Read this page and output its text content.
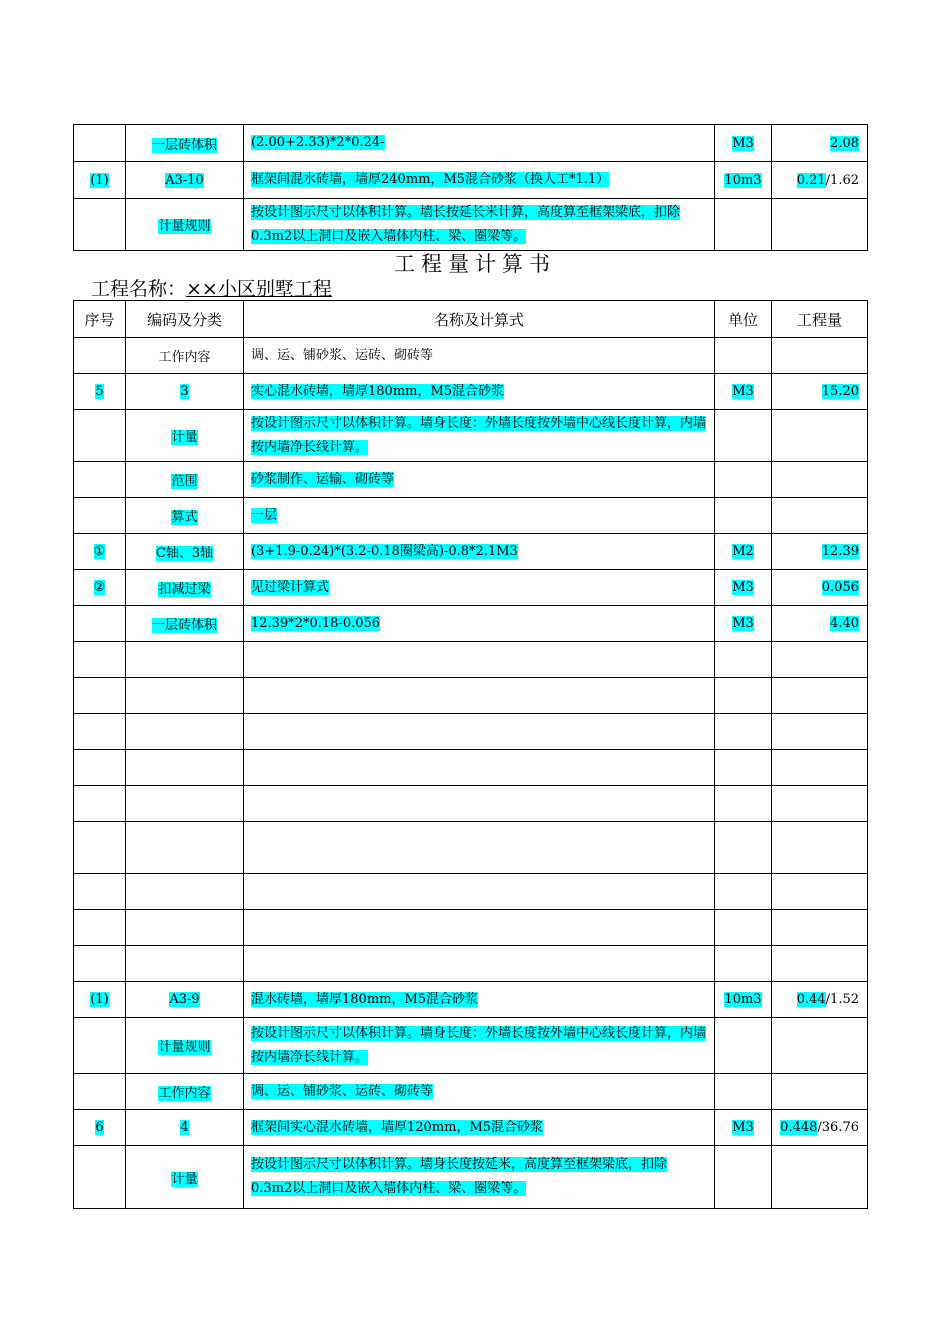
	一层砖体积	(2.00+2.33)*2*0.24-	M3	2.08
(1)	A3-10	框架间混水砖墙，墙厚240mm，M5混合砂浆（换人工*1.1）	10m3	0.21/1.62
	计量规则	按设计图示尺寸以体积计算。墙长按延长米计算，高度算至框架梁底，扣除0.3m2以上洞口及嵌入墙体内柱、梁、圈梁等。		
工程量计算书
工程名称：××小区别墅工程
序号	编码及分类	名称及计算式	单位	工程量
	工作内容	调、运、铺砂浆、运砖、砌砖等		
5	3	实心混水砖墙，墙厚180mm，M5混合砂浆	M3	15.20
	计量	按设计图示尺寸以体积计算。墙身长度：外墙长度按外墙中心线长度计算，内墙按内墙净长线计算。		
	范围	砂浆制作、运输、砌砖等		
	算式	一层		
①	C轴、3轴	(3+1.9-0.24)*(3.2-0.18圈梁高)-0.8*2.1M3	M2	12.39
②	扣减过梁	见过梁计算式	M3	0.056
	一层砖体积	12.39*2*0.18-0.056	M3	4.40

(1)	A3-9	混水砖墙，墙厚180mm，M5混合砂浆	10m3	0.44/1.52
	计量规则	按设计图示尺寸以体积计算。墙身长度：外墙长度按外墙中心线长度计算，内墙按内墙净长线计算。		
	工作内容	调、运、铺砂浆、运砖、砌砖等		
6	4	框架间实心混水砖墙，墙厚120mm，M5混合砂浆	M3	0.448/36.76
	计量	按设计图示尺寸以体积计算。墙身长度按延米，高度算至框架梁底，扣除0.3m2以上洞口及嵌入墙体内柱、梁、圈梁等。		
